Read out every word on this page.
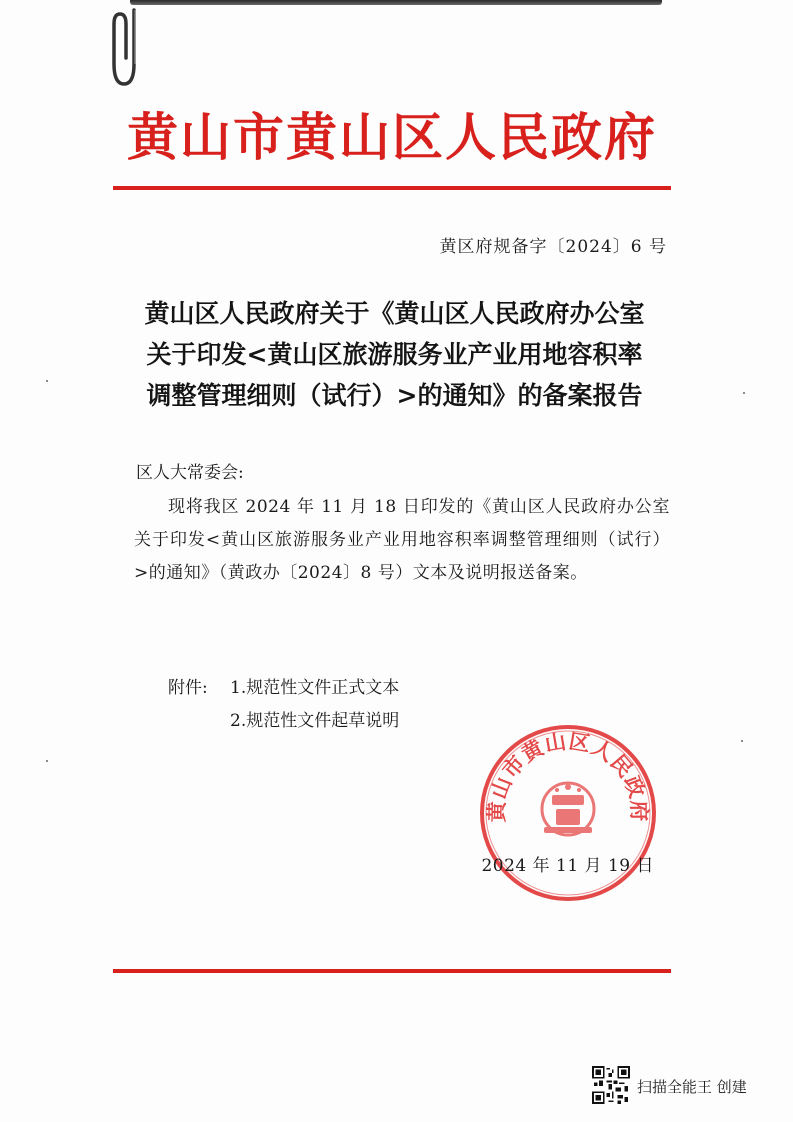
黄山市黄山区人民政府
黄区府规备字〔2024〕6 号
黄山区人民政府关于《黄山区人民政府办公室
关于印发<黄山区旅游服务业产业用地容积率
调整管理细则（试行）>的通知》的备案报告
区人大常委会:
现将我区 2024 年 11 月 18 日印发的《黄山区人民政府办公室关于印发<黄山区旅游服务业产业用地容积率调整管理细则（试行）>的通知》（黄政办〔2024〕8 号）文本及说明报送备案。
附件: 1.规范性文件正式文本
2.规范性文件起草说明
黄山市黄山区人民政府
2024 年 11 月 19 日
扫描全能王 创建
